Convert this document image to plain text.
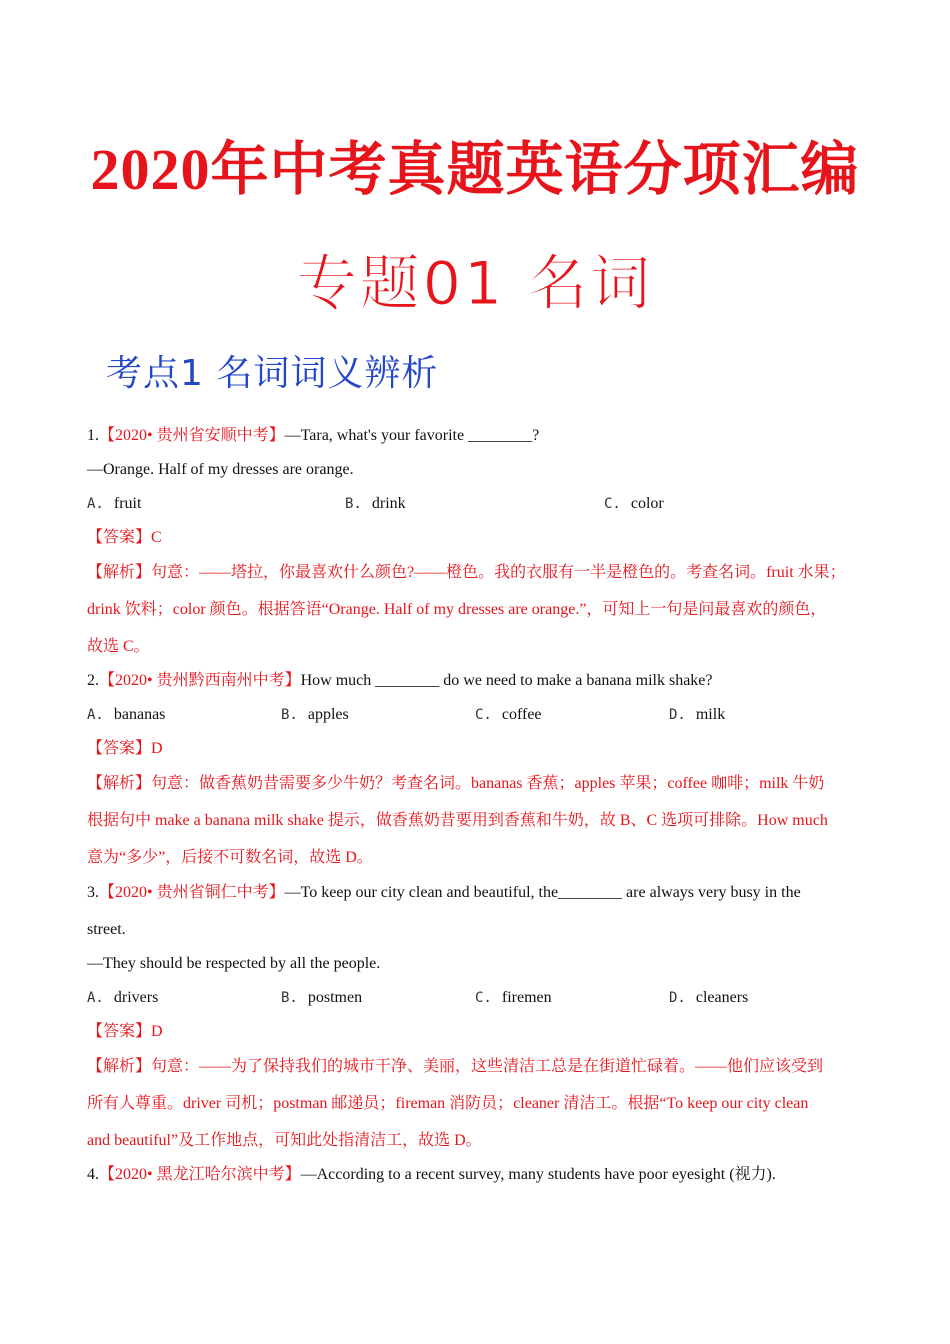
2020年中考真题英语分项汇编
专题01 名词
考点1 名词词义辨析
1.【2020• 贵州省安顺中考】—Tara, what's your favorite ________?
—Orange. Half of my dresses are orange.
A. fruit	B. drink	C. color
【答案】C
【解析】句意：——塔拉，你最喜欢什么颜色?——橙色。我的衣服有一半是橙色的。考查名词。fruit 水果；
drink 饮料；color 颜色。根据答语“Orange. Half of my dresses are orange.”，可知上一句是问最喜欢的颜色，
故选 C。
2.【2020• 贵州黔西南州中考】How much ________ do we need to make a banana milk shake?
A. bananas	B. apples	C. coffee	D. milk
【答案】D
【解析】句意：做香蕉奶昔需要多少牛奶？考查名词。bananas 香蕉；apples 苹果；coffee 咖啡；milk 牛奶
根据句中 make a banana milk shake 提示，做香蕉奶昔要用到香蕉和牛奶，故 B、C 选项可排除。How much
意为“多少”，后接不可数名词，故选 D。
3.【2020• 贵州省铜仁中考】—To keep our city clean and beautiful, the________ are always very busy in the
street.
—They should be respected by all the people.
A. drivers	B. postmen	C. firemen	D. cleaners
【答案】D
【解析】句意：——为了保持我们的城市干净、美丽，这些清洁工总是在街道忙碌着。——他们应该受到
所有人尊重。driver 司机；postman 邮递员；fireman 消防员；cleaner 清洁工。根据“To keep our city clean
and beautiful”及工作地点，可知此处指清洁工，故选 D。
4.【2020• 黑龙江哈尔滨中考】—According to a recent survey, many students have poor eyesight (视力).
